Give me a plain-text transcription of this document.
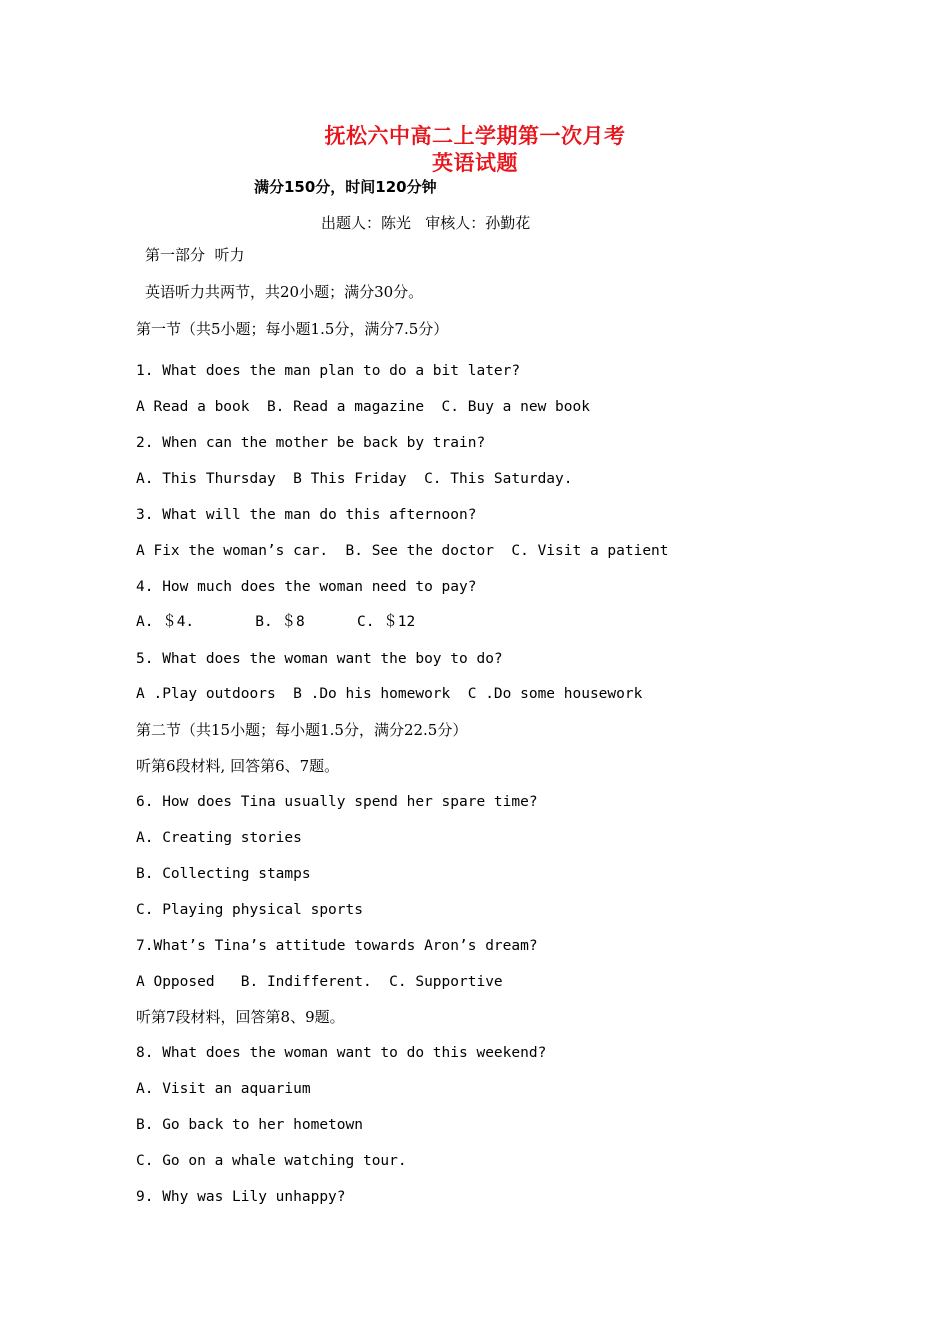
抚松六中高二上学期第一次月考
英语试题
满分150分，时间120分钟
出题人：陈光   审核人：孙勤花
第一部分  听力
英语听力共两节，共20小题；满分30分。
第一节（共5小题；每小题1.5分，满分7.5分）
1. What does the man plan to do a bit later?
A Read a book  B. Read a magazine  C. Buy a new book
2. When can the mother be back by train?
A. This Thursday  B This Friday  C. This Saturday.
3. What will the man do this afternoon?
A Fix the woman’s car.  B. See the doctor  C. Visit a patient
4. How much does the woman need to pay?
A. ＄4.       B. ＄8      C. ＄12
5. What does the woman want the boy to do?
A .Play outdoors  B .Do his homework  C .Do some housework
第二节（共15小题；每小题1.5分，满分22.5分）
听第6段材料, 回答第6、7题。
6. How does Tina usually spend her spare time?
A. Creating stories
B. Collecting stamps
C. Playing physical sports
7.What’s Tina’s attitude towards Aron’s dream?
A Opposed   B. Indifferent.  C. Supportive
听第7段材料，回答第8、9题。
8. What does the woman want to do this weekend?
A. Visit an aquarium
B. Go back to her hometown
C. Go on a whale watching tour.
9. Why was Lily unhappy?
